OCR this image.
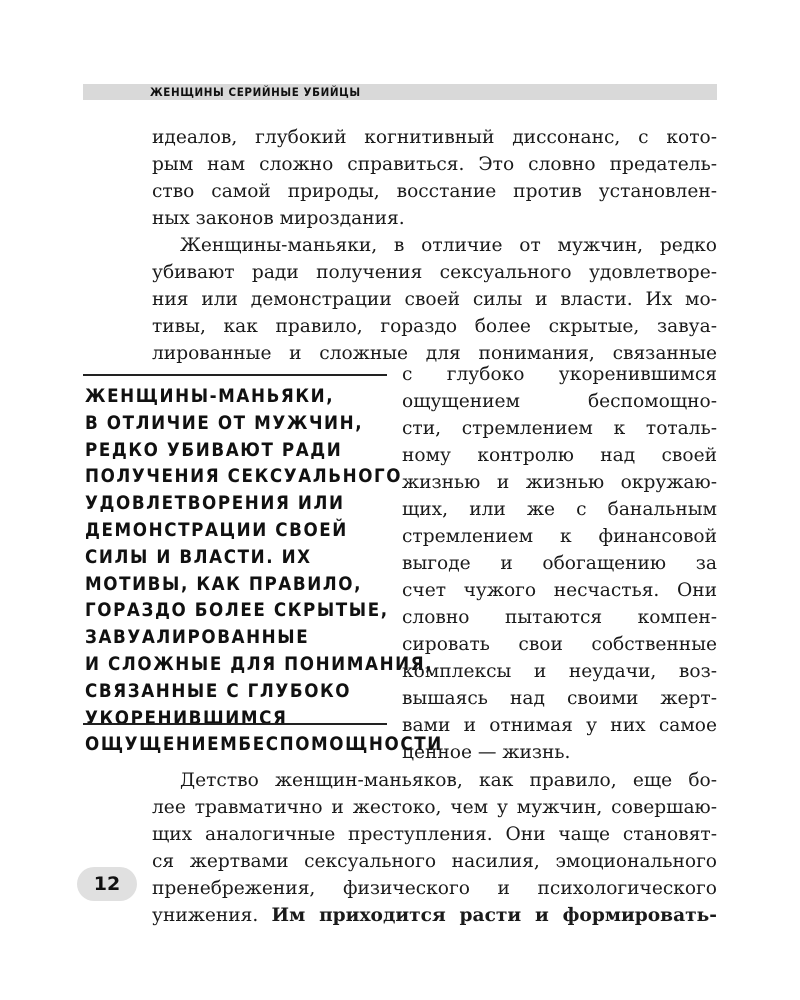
ЖЕНЩИНЫ СЕРИЙНЫЕ УБИЙЦЫ
идеалов, глубокий когнитивный диссонанс, с кото-
рым нам сложно справиться. Это словно предатель-
ство самой природы, восстание против установлен-
ных законов мироздания.
Женщины-маньяки, в отличие от мужчин, редко
убивают ради получения сексуального удовлетворе-
ния или демонстрации своей силы и власти. Их мо-
тивы, как правило, гораздо более скрытые, завуа-
лированные и сложные для понимания, связанные
ЖЕНЩИНЫ-МАНЬЯКИ,
В ОТЛИЧИЕ ОТ МУЖЧИН,
РЕДКО УБИВАЮТ РАДИ
ПОЛУЧЕНИЯ СЕКСУАЛЬНОГО
УДОВЛЕТВОРЕНИЯ ИЛИ
ДЕМОНСТРАЦИИ СВОЕЙ
СИЛЫ И ВЛАСТИ. ИХ
МОТИВЫ, КАК ПРАВИЛО,
ГОРАЗДО БОЛЕЕ СКРЫТЫЕ,
ЗАВУАЛИРОВАННЫЕ
И СЛОЖНЫЕ ДЛЯ ПОНИМАНИЯ,
СВЯЗАННЫЕ С ГЛУБОКО
УКОРЕНИВШИМСЯ
ОЩУЩЕНИЕМБЕСПОМОЩНОСТИ
с глубоко укоренившимся
ощущением беспомощно-
сти, стремлением к тоталь-
ному контролю над своей
жизнью и жизнью окружаю-
щих, или же с банальным
стремлением к финансовой
выгоде и обогащению за
счет чужого несчастья. Они
словно пытаются компен-
сировать свои собственные
комплексы и неудачи, воз-
вышаясь над своими жерт-
вами и отнимая у них самое
ценное — жизнь.
Детство женщин-маньяков, как правило, еще бо-
лее травматично и жестоко, чем у мужчин, совершаю-
щих аналогичные преступления. Они чаще становят-
ся жертвами сексуального насилия, эмоционального
пренебрежения, физического и психологического
унижения. Им приходится расти и формировать-
12
